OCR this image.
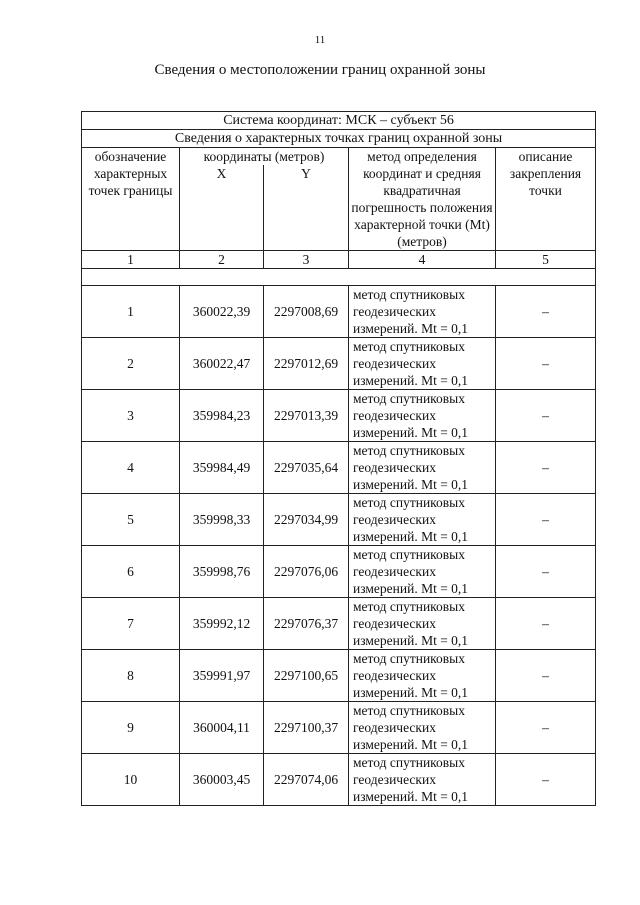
11
Сведения о местоположении границ охранной зоны
Система координат: МСК – субъект 56				
Сведения о характерных точках границ охранной зоны				
обозначение характерных точек границы	координаты (метров)		метод определения координат и средняя квадратичная погрешность положения характерной точки (Mt) (метров)	описание закрепления точки
	X	Y		
1	2	3	4	5

1	360022,39	2297008,69	метод спутниковых геодезических измерений. Mt = 0,1	–
2	360022,47	2297012,69	метод спутниковых геодезических измерений. Mt = 0,1	–
3	359984,23	2297013,39	метод спутниковых геодезических измерений. Mt = 0,1	–
4	359984,49	2297035,64	метод спутниковых геодезических измерений. Mt = 0,1	–
5	359998,33	2297034,99	метод спутниковых геодезических измерений. Mt = 0,1	–
6	359998,76	2297076,06	метод спутниковых геодезических измерений. Mt = 0,1	–
7	359992,12	2297076,37	метод спутниковых геодезических измерений. Mt = 0,1	–
8	359991,97	2297100,65	метод спутниковых геодезических измерений. Mt = 0,1	–
9	360004,11	2297100,37	метод спутниковых геодезических измерений. Mt = 0,1	–
10	360003,45	2297074,06	метод спутниковых геодезических измерений. Mt = 0,1	–
